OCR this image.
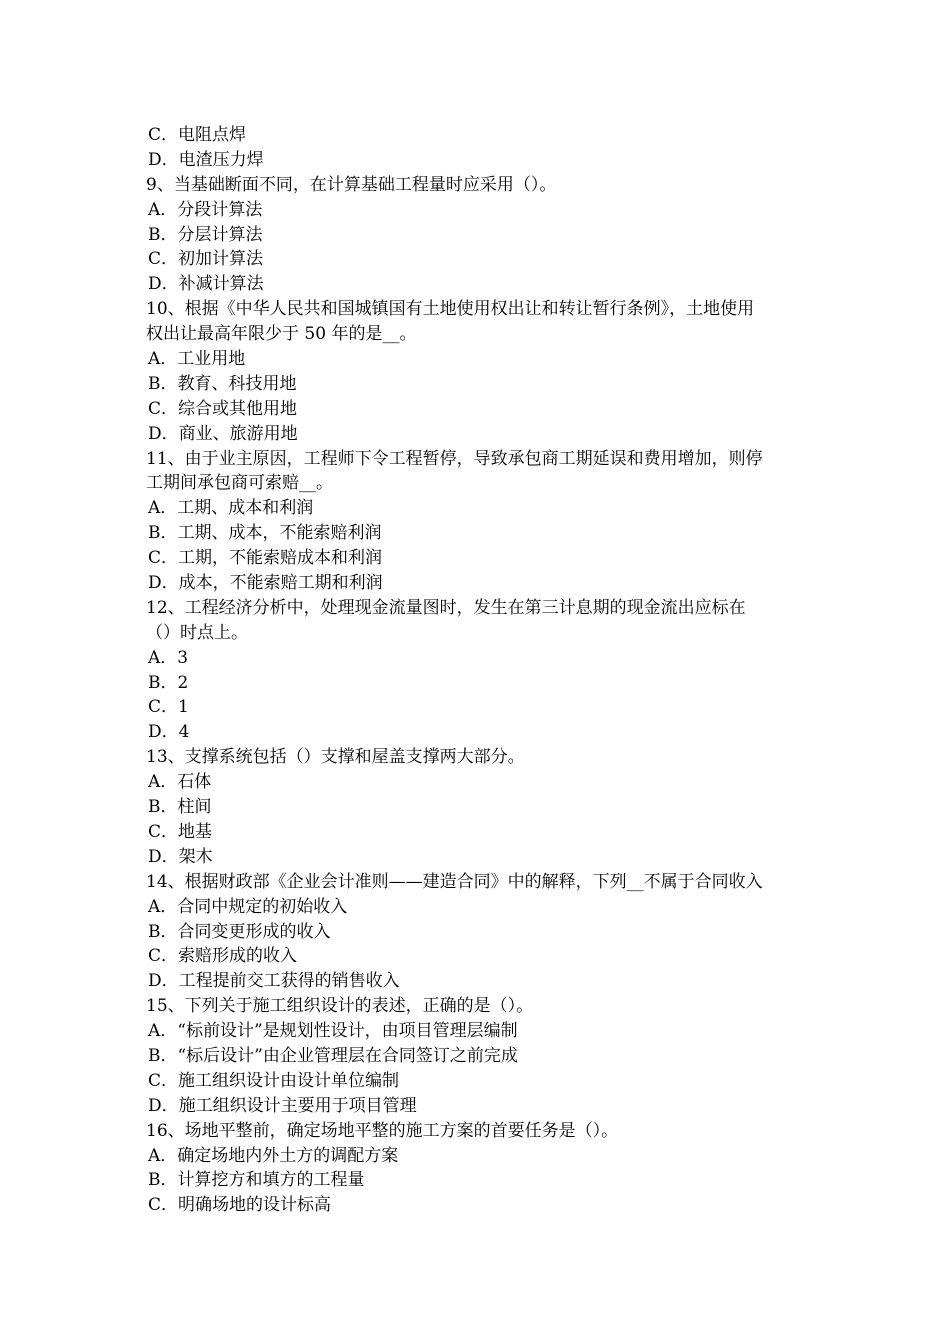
C．电阻点焊
D．电渣压力焊
9、当基础断面不同，在计算基础工程量时应采用（）。
A．分段计算法
B．分层计算法
C．初加计算法
D．补减计算法
10、根据《中华人民共和国城镇国有土地使用权出让和转让暂行条例》，土地使用
权出让最高年限少于 50 年的是__。
A．工业用地
B．教育、科技用地
C．综合或其他用地
D．商业、旅游用地
11、由于业主原因，工程师下令工程暂停，导致承包商工期延误和费用增加，则停
工期间承包商可索赔__。
A．工期、成本和利润
B．工期、成本，不能索赔利润
C．工期，不能索赔成本和利润
D．成本，不能索赔工期和利润
12、工程经济分析中，处理现金流量图时，发生在第三计息期的现金流出应标在
（）时点上。
A．3
B．2
C．1
D．4
13、支撑系统包括（）支撑和屋盖支撑两大部分。
A．石体
B．柱间
C．地基
D．架木
14、根据财政部《企业会计准则——建造合同》中的解释，下列__不属于合同收入
A．合同中规定的初始收入
B．合同变更形成的收入
C．索赔形成的收入
D．工程提前交工获得的销售收入
15、下列关于施工组织设计的表述，正确的是（）。
A．“标前设计”是规划性设计，由项目管理层编制
B．“标后设计”由企业管理层在合同签订之前完成
C．施工组织设计由设计单位编制
D．施工组织设计主要用于项目管理
16、场地平整前，确定场地平整的施工方案的首要任务是（）。
A．确定场地内外土方的调配方案
B．计算挖方和填方的工程量
C．明确场地的设计标高
